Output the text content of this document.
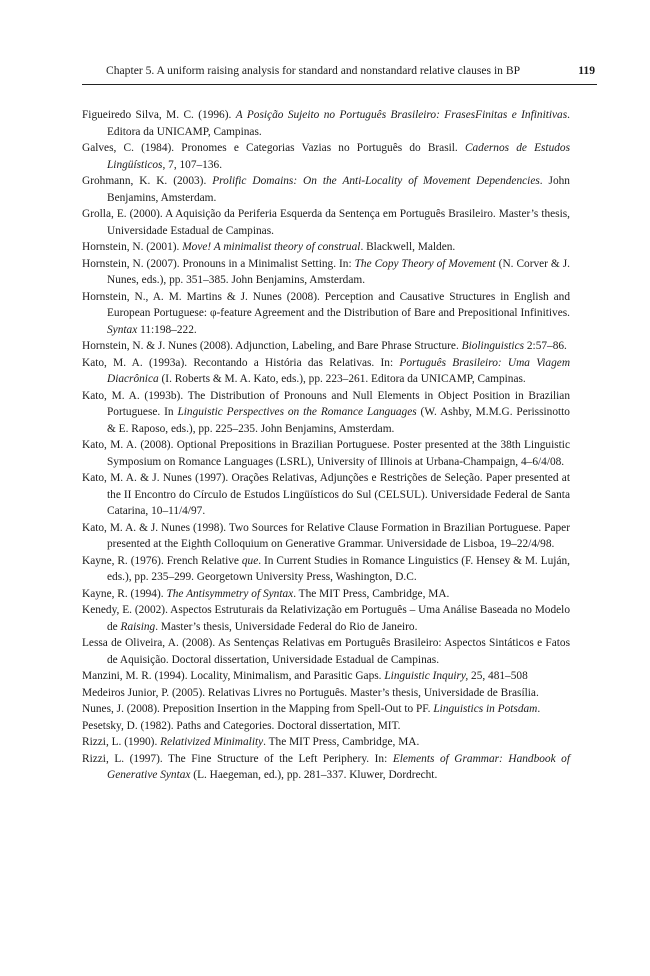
Chapter 5. A uniform raising analysis for standard and nonstandard relative clauses in BP	119
Figueiredo Silva, M. C. (1996). A Posição Sujeito no Português Brasileiro: FrasesFinitas e Infinitivas. Editora da UNICAMP, Campinas.
Galves, C. (1984). Pronomes e Categorias Vazias no Português do Brasil. Cadernos de Estudos Lingüísticos, 7, 107–136.
Grohmann, K. K. (2003). Prolific Domains: On the Anti-Locality of Movement Dependencies. John Benjamins, Amsterdam.
Grolla, E. (2000). A Aquisição da Periferia Esquerda da Sentença em Português Brasileiro. Master’s thesis, Universidade Estadual de Campinas.
Hornstein, N. (2001). Move! A minimalist theory of construal. Blackwell, Malden.
Hornstein, N. (2007). Pronouns in a Minimalist Setting. In: The Copy Theory of Movement (N. Corver & J. Nunes, eds.), pp. 351–385. John Benjamins, Amsterdam.
Hornstein, N., A. M. Martins & J. Nunes (2008). Perception and Causative Structures in English and European Portuguese: φ-feature Agreement and the Distribution of Bare and Prepositional Infinitives. Syntax 11:198–222.
Hornstein, N. & J. Nunes (2008). Adjunction, Labeling, and Bare Phrase Structure. Biolinguistics 2:57–86.
Kato, M. A. (1993a). Recontando a História das Relativas. In: Português Brasileiro: Uma Viagem Diacrônica (I. Roberts & M. A. Kato, eds.), pp. 223–261. Editora da UNICAMP, Campinas.
Kato, M. A. (1993b). The Distribution of Pronouns and Null Elements in Object Position in Brazilian Portuguese. In Linguistic Perspectives on the Romance Languages (W. Ashby, M.M.G. Perissinotto & E. Raposo, eds.), pp. 225–235. John Benjamins, Amsterdam.
Kato, M. A. (2008). Optional Prepositions in Brazilian Portuguese. Poster presented at the 38th Linguistic Symposium on Romance Languages (LSRL), University of Illinois at Urbana-Champaign, 4–6/4/08.
Kato, M. A. & J. Nunes (1997). Orações Relativas, Adjunções e Restrições de Seleção. Paper presented at the II Encontro do Círculo de Estudos Lingüísticos do Sul (CELSUL). Universidade Federal de Santa Catarina, 10–11/4/97.
Kato, M. A. & J. Nunes (1998). Two Sources for Relative Clause Formation in Brazilian Portuguese. Paper presented at the Eighth Colloquium on Generative Grammar. Universidade de Lisboa, 19–22/4/98.
Kayne, R. (1976). French Relative que. In Current Studies in Romance Linguistics (F. Hensey & M. Luján, eds.), pp. 235–299. Georgetown University Press, Washington, D.C.
Kayne, R. (1994). The Antisymmetry of Syntax. The MIT Press, Cambridge, MA.
Kenedy, E. (2002). Aspectos Estruturais da Relativização em Português – Uma Análise Baseada no Modelo de Raising. Master’s thesis, Universidade Federal do Rio de Janeiro.
Lessa de Oliveira, A. (2008). As Sentenças Relativas em Português Brasileiro: Aspectos Sintáticos e Fatos de Aquisição. Doctoral dissertation, Universidade Estadual de Campinas.
Manzini, M. R. (1994). Locality, Minimalism, and Parasitic Gaps. Linguistic Inquiry, 25, 481–508
Medeiros Junior, P. (2005). Relativas Livres no Português. Master’s thesis, Universidade de Brasília.
Nunes, J. (2008). Preposition Insertion in the Mapping from Spell-Out to PF. Linguistics in Potsdam.
Pesetsky, D. (1982). Paths and Categories. Doctoral dissertation, MIT.
Rizzi, L. (1990). Relativized Minimality. The MIT Press, Cambridge, MA.
Rizzi, L. (1997). The Fine Structure of the Left Periphery. In: Elements of Grammar: Handbook of Generative Syntax (L. Haegeman, ed.), pp. 281–337. Kluwer, Dordrecht.
